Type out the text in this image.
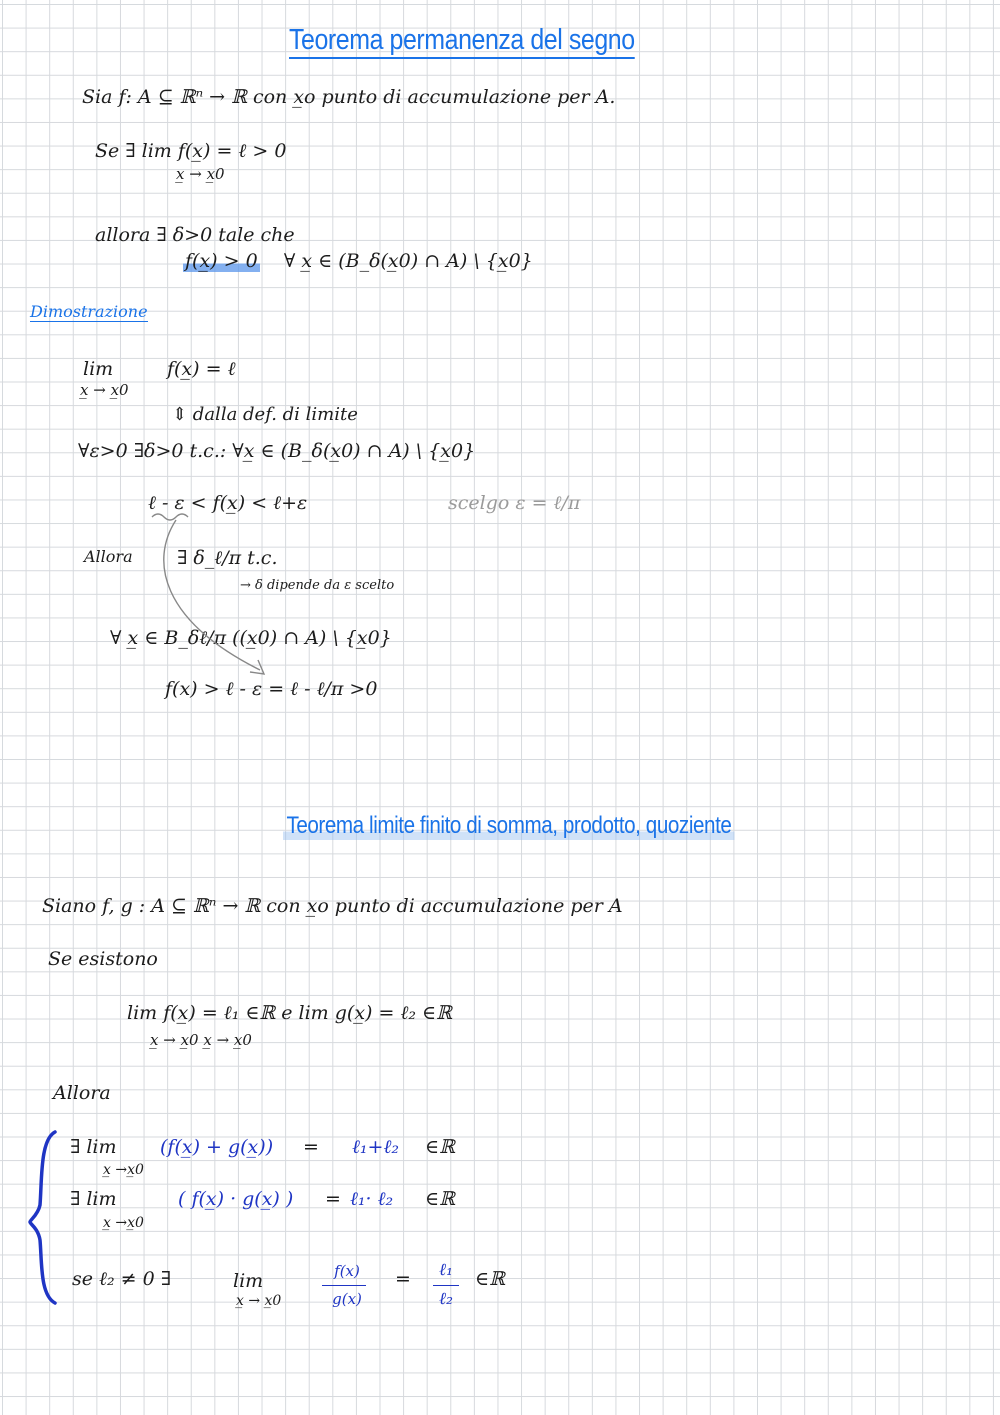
Teorema permanenza del segno
Sia f: A ⊆ ℝⁿ → ℝ con x̲o punto di accumulazione per A.
Se ∃ lim f(x̲) = ℓ > 0
x̲ → x̲0
allora ∃ δ>0 tale che
f(x̲) > 0 ∀ x̲ ∈ (B_δ(x̲0) ∩ A) \ {x̲0}
Dimostrazione
lim
x̲ → x̲0
f(x̲) = ℓ
⇕ dalla def. di limite
∀ε>0 ∃δ>0 t.c.: ∀x̲ ∈ (B_δ(x̲0) ∩ A) \ {x̲0}
ℓ - ε < f(x̲) < ℓ+ε	scelgo ε = ℓ/π
Allora ∃ δ_ℓ/π t.c.
→ δ dipende da ε scelto
∀ x̲ ∈ B_δℓ/π ((x̲0) ∩ A) \ {x̲0}
f(x) > ℓ - ε = ℓ - ℓ/π >0
Teorema limite finito di somma, prodotto, quoziente
Siano f, g : A ⊆ ℝⁿ → ℝ con x̲o punto di accumulazione per A
Se esistono
lim f(x̲) = ℓ₁ ∈ℝ e lim g(x̲) = ℓ₂ ∈ℝ
x̲ → x̲0 x̲ → x̲0
Allora
∃ lim
x̲ →x̲0
(f(x̲) + g(x̲)) = ℓ₁+ℓ₂ ∈ℝ
∃ lim
x̲ →x̲0
( f(x̲) · g(x̲) ) = ℓ₁· ℓ₂ ∈ℝ
se ℓ₂ ≠ 0 ∃	lim
x̲ → x̲0
f(x)
g(x)
=	ℓ₁
ℓ₂
∈ℝ
